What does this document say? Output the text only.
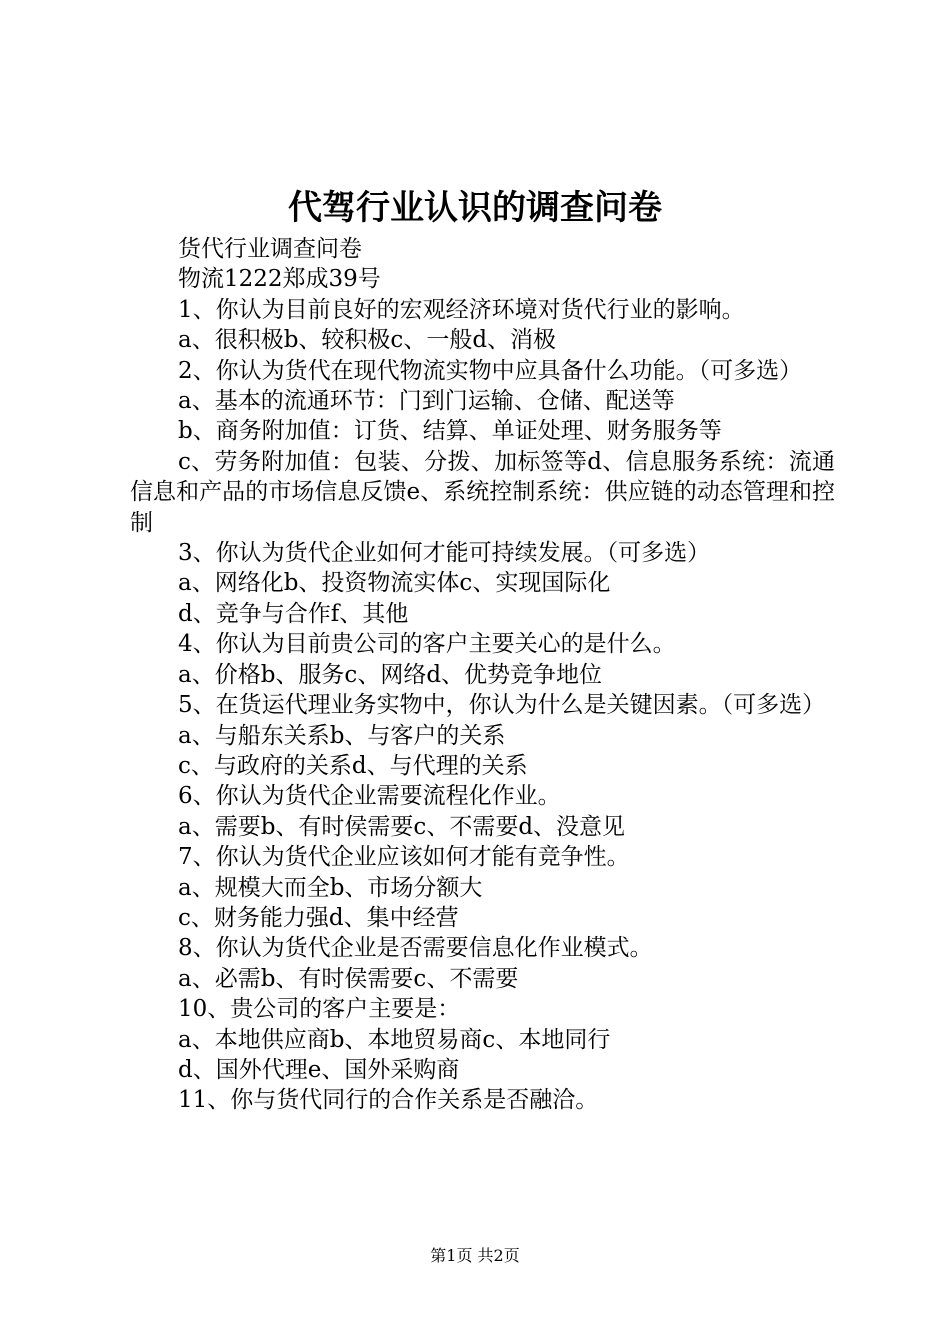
代驾行业认识的调查问卷

货代行业调查问卷

物流1222郑成39号

1、你认为目前良好的宏观经济环境对货代行业的影响。

a、很积极b、较积极c、一般d、消极

2、你认为货代在现代物流实物中应具备什么功能。（可多选）

a、基本的流通环节：门到门运输、仓储、配送等

b、商务附加值：订货、结算、单证处理、财务服务等

c、劳务附加值：包装、分拨、加标签等d、信息服务系统：流通信息和产品的市场信息反馈e、系统控制系统：供应链的动态管理和控制

3、你认为货代企业如何才能可持续发展。（可多选）

a、网络化b、投资物流实体c、实现国际化

d、竞争与合作f、其他

4、你认为目前贵公司的客户主要关心的是什么。

a、价格b、服务c、网络d、优势竞争地位

5、在货运代理业务实物中，你认为什么是关键因素。（可多选）

a、与船东关系b、与客户的关系

c、与政府的关系d、与代理的关系

6、你认为货代企业需要流程化作业。

a、需要b、有时侯需要c、不需要d、没意见

7、你认为货代企业应该如何才能有竞争性。

a、规模大而全b、市场分额大

c、财务能力强d、集中经营

8、你认为货代企业是否需要信息化作业模式。

a、必需b、有时侯需要c、不需要

10、贵公司的客户主要是：

a、本地供应商b、本地贸易商c、本地同行

d、国外代理e、国外采购商

11、你与货代同行的合作关系是否融洽。

第1页 共2页
